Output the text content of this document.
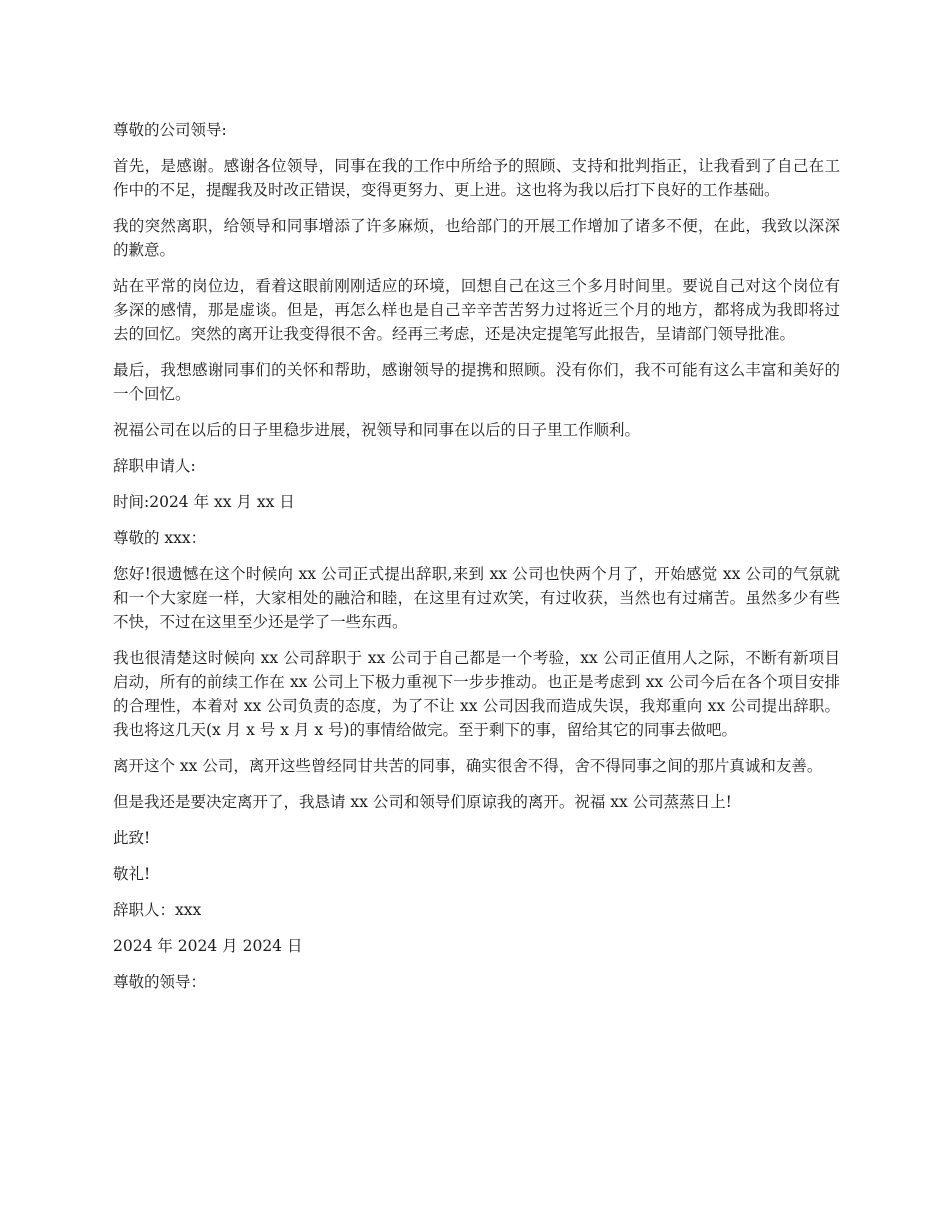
尊敬的公司领导:

首先，是感谢。感谢各位领导，同事在我的工作中所给予的照顾、支持和批判指正，让我看到了自己在工作中的不足，提醒我及时改正错误，变得更努力、更上进。这也将为我以后打下良好的工作基础。

我的突然离职，给领导和同事增添了许多麻烦，也给部门的开展工作增加了诸多不便，在此，我致以深深的歉意。

站在平常的岗位边，看着这眼前刚刚适应的环境，回想自己在这三个多月时间里。要说自己对这个岗位有多深的感情，那是虚谈。但是，再怎么样也是自己辛辛苦苦努力过将近三个月的地方，都将成为我即将过去的回忆。突然的离开让我变得很不舍。经再三考虑，还是决定提笔写此报告，呈请部门领导批准。

最后，我想感谢同事们的关怀和帮助，感谢领导的提携和照顾。没有你们，我不可能有这么丰富和美好的一个回忆。

祝福公司在以后的日子里稳步进展，祝领导和同事在以后的日子里工作顺利。

辞职申请人:

时间:2024 年 xx 月 xx 日

尊敬的 xxx：

您好!很遗憾在这个时候向 xx 公司正式提出辞职,来到 xx 公司也快两个月了，开始感觉 xx 公司的气氛就和一个大家庭一样，大家相处的融洽和睦，在这里有过欢笑，有过收获，当然也有过痛苦。虽然多少有些不快，不过在这里至少还是学了一些东西。

我也很清楚这时候向 xx 公司辞职于 xx 公司于自己都是一个考验，xx 公司正值用人之际，不断有新项目启动，所有的前续工作在 xx 公司上下极力重视下一步步推动。也正是考虑到 xx 公司今后在各个项目安排的合理性，本着对 xx 公司负责的态度，为了不让 xx 公司因我而造成失误，我郑重向 xx 公司提出辞职。我也将这几天(x 月 x 号 x 月 x 号)的事情给做完。至于剩下的事，留给其它的同事去做吧。

离开这个 xx 公司，离开这些曾经同甘共苦的同事，确实很舍不得，舍不得同事之间的那片真诚和友善。

但是我还是要决定离开了，我恳请 xx 公司和领导们原谅我的离开。祝福 xx 公司蒸蒸日上!

此致!

敬礼!

辞职人：xxx

2024 年 2024 月 2024 日

尊敬的领导：
